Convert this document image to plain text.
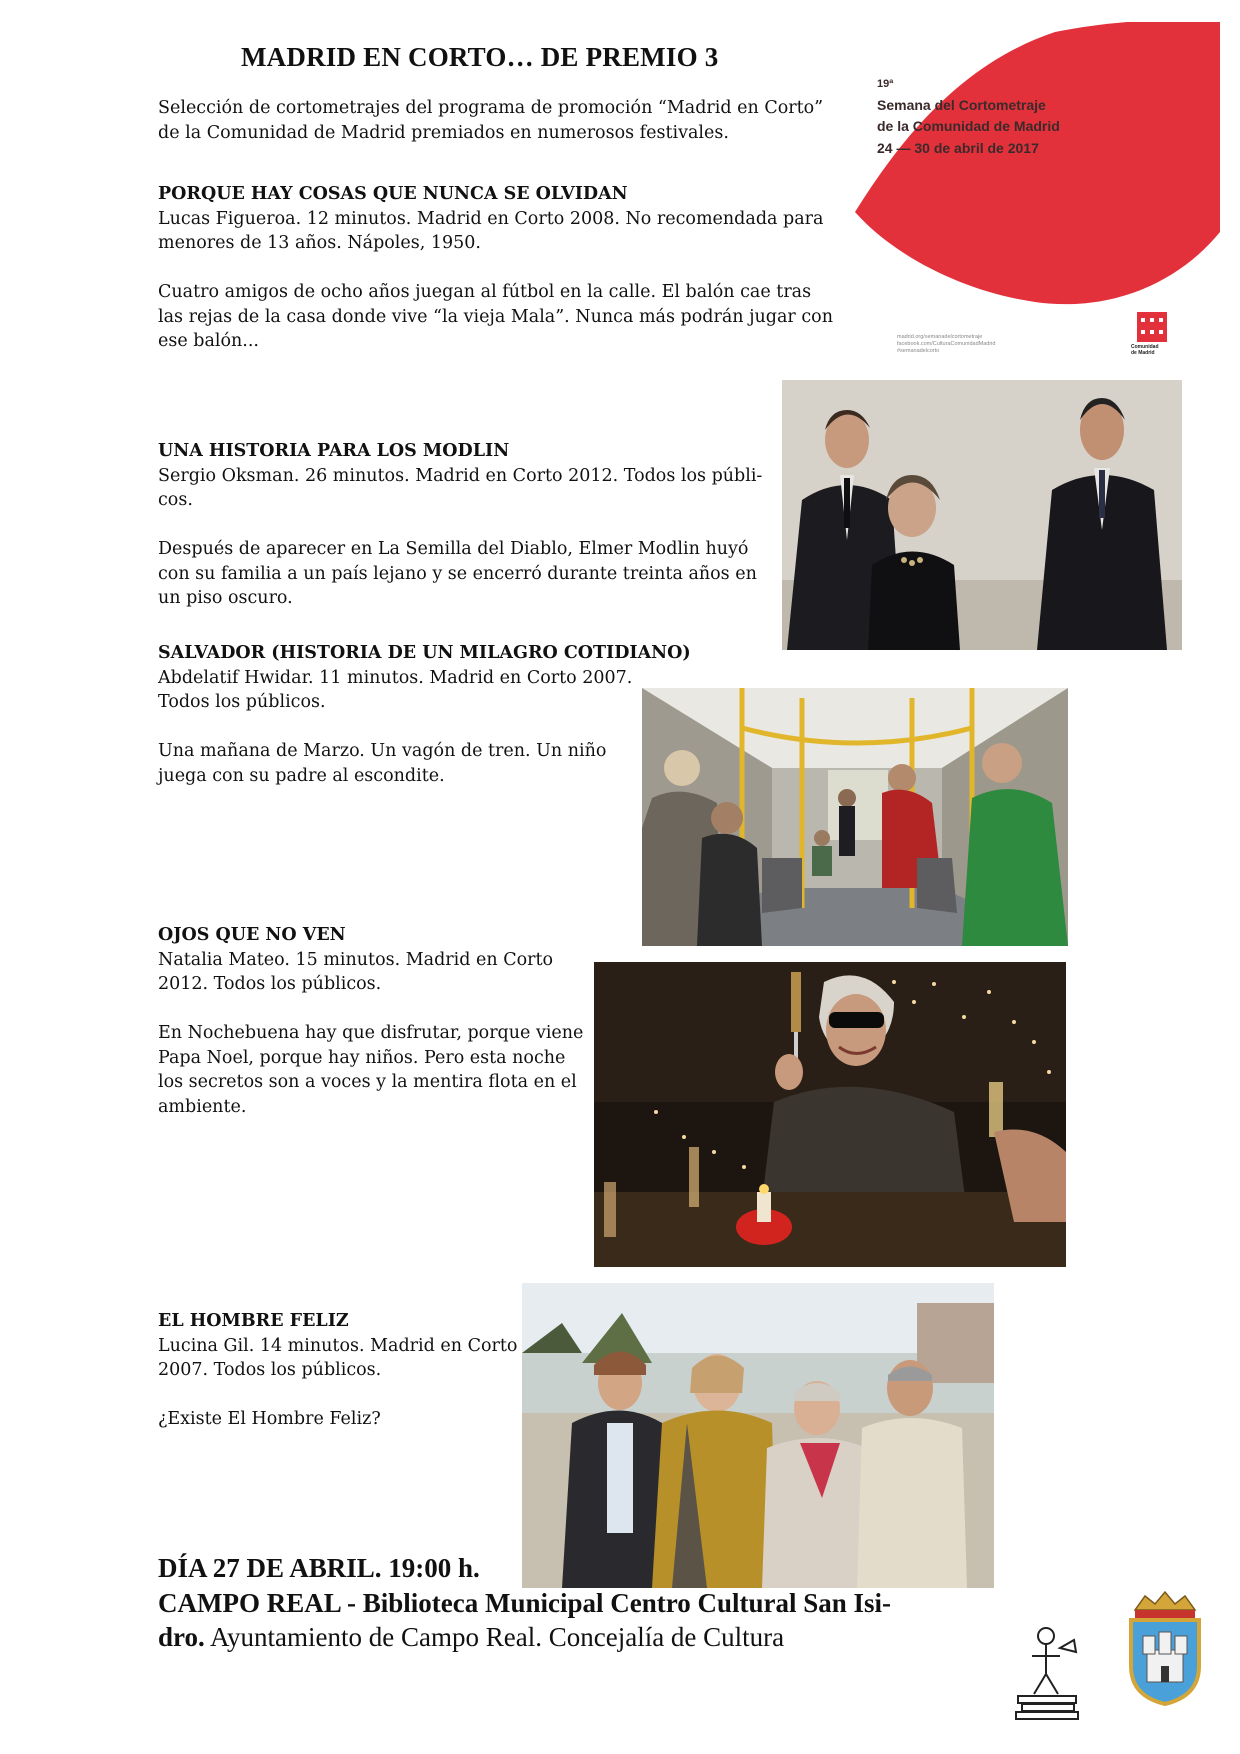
MADRID EN CORTO… DE PREMIO 3

Selección de cortometrajes del programa de promoción “Madrid en Corto”

de la Comunidad de Madrid premiados en numerosos festivales.

19ª
Semana del Cortometraje
de la Comunidad de Madrid
24 — 30 de abril de 2017
madrid.org/semanadelcortometraje
facebook.com/CulturaComunidadMadrid
#semanadelcorto
Comunidad
de Madrid

PORQUE HAY COSAS QUE NUNCA SE OLVIDAN

Lucas Figueroa. 12 minutos. Madrid en Corto 2008. No recomendada para

menores de 13 años. Nápoles, 1950.

Cuatro amigos de ocho años juegan al fútbol en la calle. El balón cae tras

las rejas de la casa donde vive “la vieja Mala”. Nunca más podrán jugar con

ese balón...

UNA HISTORIA PARA LOS MODLIN

Sergio Oksman. 26 minutos. Madrid en Corto 2012. Todos los públi-

cos.

Después de aparecer en La Semilla del Diablo, Elmer Modlin huyó

con su familia a un país lejano y se encerró durante treinta años en

un piso oscuro.

SALVADOR (HISTORIA DE UN MILAGRO COTIDIANO)

Abdelatif Hwidar. 11 minutos. Madrid en Corto 2007.

Todos los públicos.

Una mañana de Marzo. Un vagón de tren. Un niño

juega con su padre al escondite.

OJOS QUE NO VEN

Natalia Mateo. 15 minutos. Madrid en Corto

2012. Todos los públicos.

En Nochebuena hay que disfrutar, porque viene

Papa Noel, porque hay niños. Pero esta noche

los secretos son a voces y la mentira flota en el

ambiente.

EL HOMBRE FELIZ

Lucina Gil. 14 minutos. Madrid en Corto

2007. Todos los públicos.

¿Existe El Hombre Feliz?

DÍA 27 DE ABRIL. 19:00 h.
CAMPO REAL - Biblioteca Municipal Centro Cultural San Isi-
dro. Ayuntamiento de Campo Real. Concejalía de Cultura
